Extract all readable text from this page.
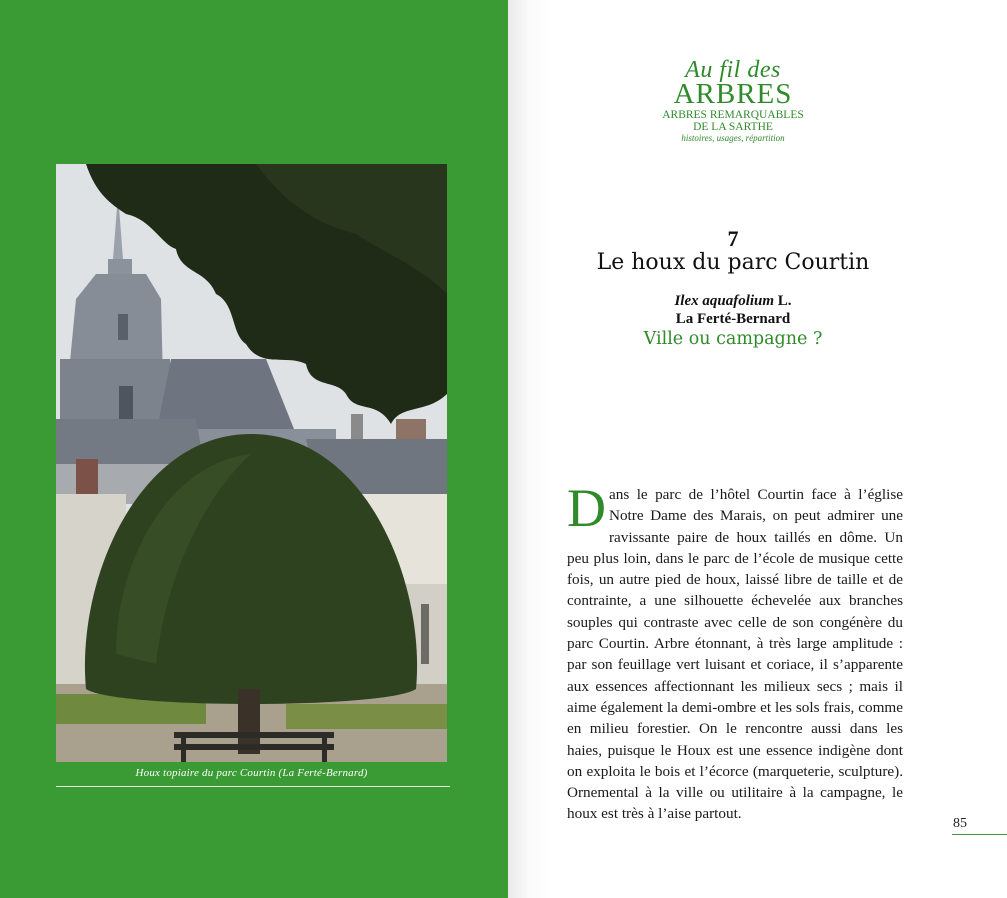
Houx topiaire du parc Courtin (La Ferté-Bernard)
Au fil des
ARBRES
ARBRES REMARQUABLES
DE LA SARTHE
histoires, usages, répartition
7
Le houx du parc Courtin
Ilex aquafolium L.
La Ferté-Bernard
Ville ou campagne ?
Dans le parc de l’hôtel Courtin face à l’église Notre Dame des Marais, on peut admirer une ravissante paire de houx taillés en dôme. Un peu plus loin, dans le parc de l’école de musique cette fois, un autre pied de houx, laissé libre de taille et de contrainte, a une silhouette échevelée aux branches souples qui contraste avec celle de son congénère du parc Courtin. Arbre étonnant, à très large amplitude : par son feuillage vert luisant et coriace, il s’apparente aux essences affectionnant les milieux secs ; mais il aime également la demi-ombre et les sols frais, comme en milieu forestier. On le rencontre aussi dans les haies, puisque le Houx est une essence indigène dont on exploita le bois et l’écorce (marqueterie, sculpture). Ornemental à la ville ou utilitaire à la campagne, le houx est très à l’aise partout.
85
